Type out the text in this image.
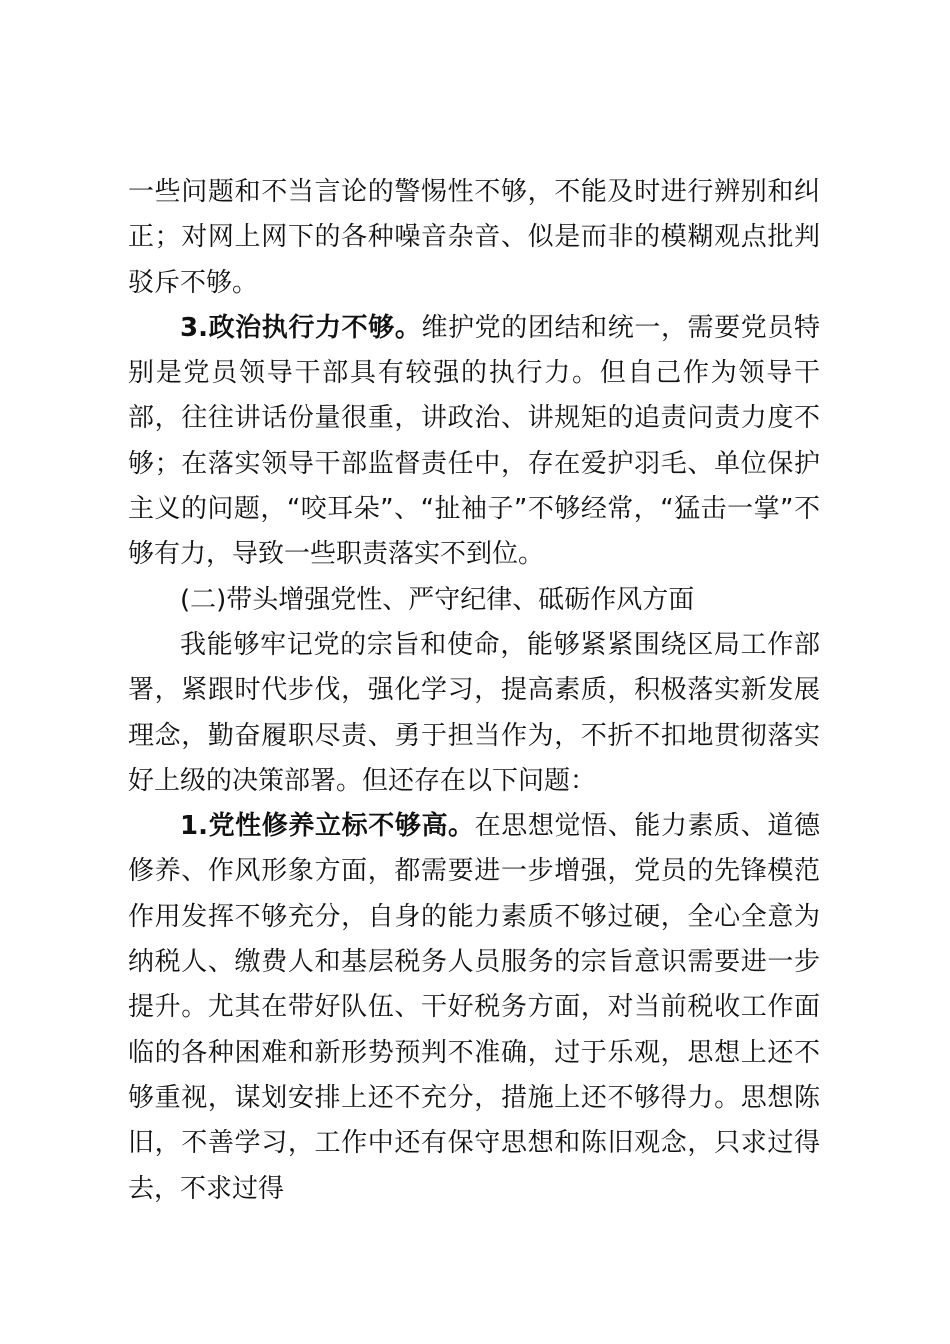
一些问题和不当言论的警惕性不够，不能及时进行辨别和纠正；对网上网下的各种噪音杂音、似是而非的模糊观点批判驳斥不够。

3.政治执行力不够。维护党的团结和统一，需要党员特别是党员领导干部具有较强的执行力。但自己作为领导干部，往往讲话份量很重，讲政治、讲规矩的追责问责力度不够；在落实领导干部监督责任中，存在爱护羽毛、单位保护主义的问题，“咬耳朵”、“扯袖子”不够经常，“猛击一掌”不够有力，导致一些职责落实不到位。

(二)带头增强党性、严守纪律、砥砺作风方面

我能够牢记党的宗旨和使命，能够紧紧围绕区局工作部署，紧跟时代步伐，强化学习，提高素质，积极落实新发展理念，勤奋履职尽责、勇于担当作为，不折不扣地贯彻落实好上级的决策部署。但还存在以下问题：

1.党性修养立标不够高。在思想觉悟、能力素质、道德修养、作风形象方面，都需要进一步增强，党员的先锋模范作用发挥不够充分，自身的能力素质不够过硬，全心全意为纳税人、缴费人和基层税务人员服务的宗旨意识需要进一步提升。尤其在带好队伍、干好税务方面，对当前税收工作面临的各种困难和新形势预判不准确，过于乐观，思想上还不够重视，谋划安排上还不充分，措施上还不够得力。思想陈旧，不善学习，工作中还有保守思想和陈旧观念，只求过得去，不求过得
